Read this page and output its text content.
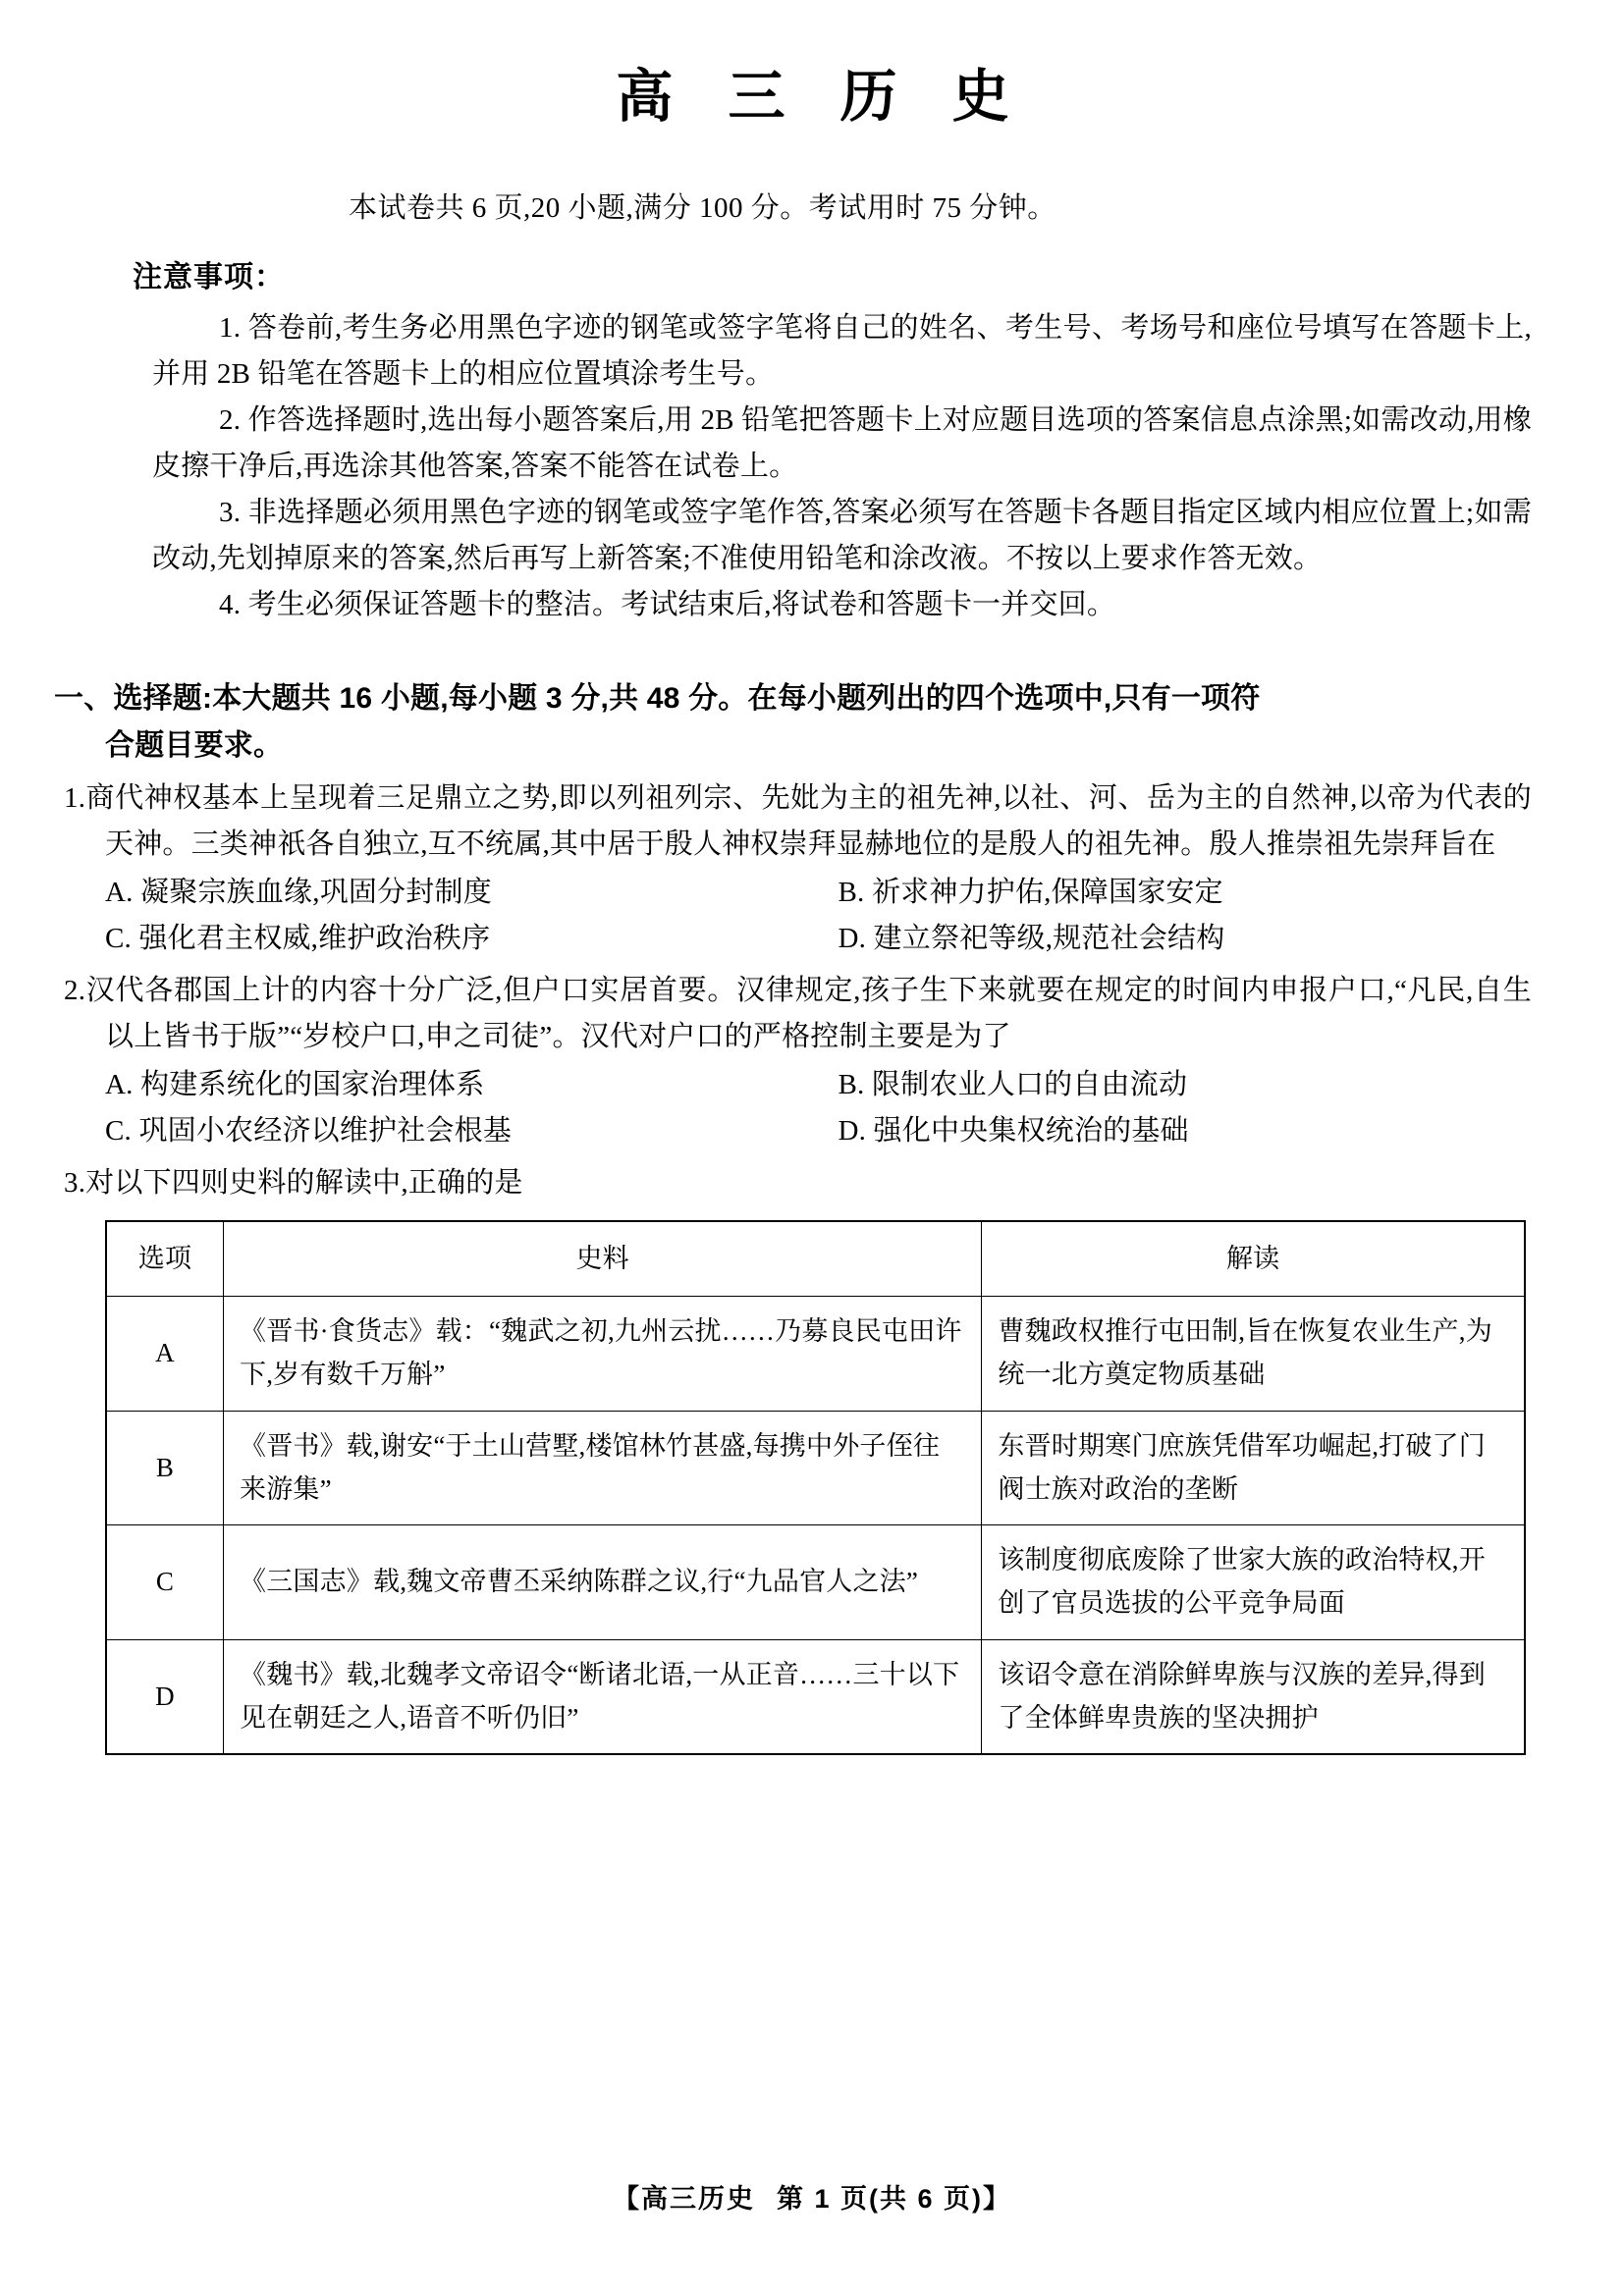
高 三 历 史
本试卷共 6 页,20 小题,满分 100 分。考试用时 75 分钟。
注意事项：
1. 答卷前,考生务必用黑色字迹的钢笔或签字笔将自己的姓名、考生号、考场号和座位号填写在答题卡上,并用 2B 铅笔在答题卡上的相应位置填涂考生号。
2. 作答选择题时,选出每小题答案后,用 2B 铅笔把答题卡上对应题目选项的答案信息点涂黑;如需改动,用橡皮擦干净后,再选涂其他答案,答案不能答在试卷上。
3. 非选择题必须用黑色字迹的钢笔或签字笔作答,答案必须写在答题卡各题目指定区域内相应位置上;如需改动,先划掉原来的答案,然后再写上新答案;不准使用铅笔和涂改液。不按以上要求作答无效。
4. 考生必须保证答题卡的整洁。考试结束后,将试卷和答题卡一并交回。
一、选择题:本大题共 16 小题,每小题 3 分,共 48 分。在每小题列出的四个选项中,只有一项符
合题目要求。
1.商代神权基本上呈现着三足鼎立之势,即以列祖列宗、先妣为主的祖先神,以社、河、岳为主的自然神,以帝为代表的天神。三类神祇各自独立,互不统属,其中居于殷人神权崇拜显赫地位的是殷人的祖先神。殷人推崇祖先崇拜旨在
A. 凝聚宗族血缘,巩固分封制度	B. 祈求神力护佑,保障国家安定
C. 强化君主权威,维护政治秩序	D. 建立祭祀等级,规范社会结构
2.汉代各郡国上计的内容十分广泛,但户口实居首要。汉律规定,孩子生下来就要在规定的时间内申报户口,“凡民,自生以上皆书于版”“岁校户口,申之司徒”。汉代对户口的严格控制主要是为了
A. 构建系统化的国家治理体系	B. 限制农业人口的自由流动
C. 巩固小农经济以维护社会根基	D. 强化中央集权统治的基础
3.对以下四则史料的解读中,正确的是
选项	史料	解读
A	《晋书·食货志》载：“魏武之初,九州云扰……乃募良民屯田许下,岁有数千万斛”	曹魏政权推行屯田制,旨在恢复农业生产,为统一北方奠定物质基础
B	《晋书》载,谢安“于土山营墅,楼馆林竹甚盛,每携中外子侄往来游集”	东晋时期寒门庶族凭借军功崛起,打破了门阀士族对政治的垄断
C	《三国志》载,魏文帝曹丕采纳陈群之议,行“九品官人之法”	该制度彻底废除了世家大族的政治特权,开创了官员选拔的公平竞争局面
D	《魏书》载,北魏孝文帝诏令“断诸北语,一从正音……三十以下见在朝廷之人,语音不听仍旧”	该诏令意在消除鲜卑族与汉族的差异,得到了全体鲜卑贵族的坚决拥护
【高三历史 第 1 页(共 6 页)】
